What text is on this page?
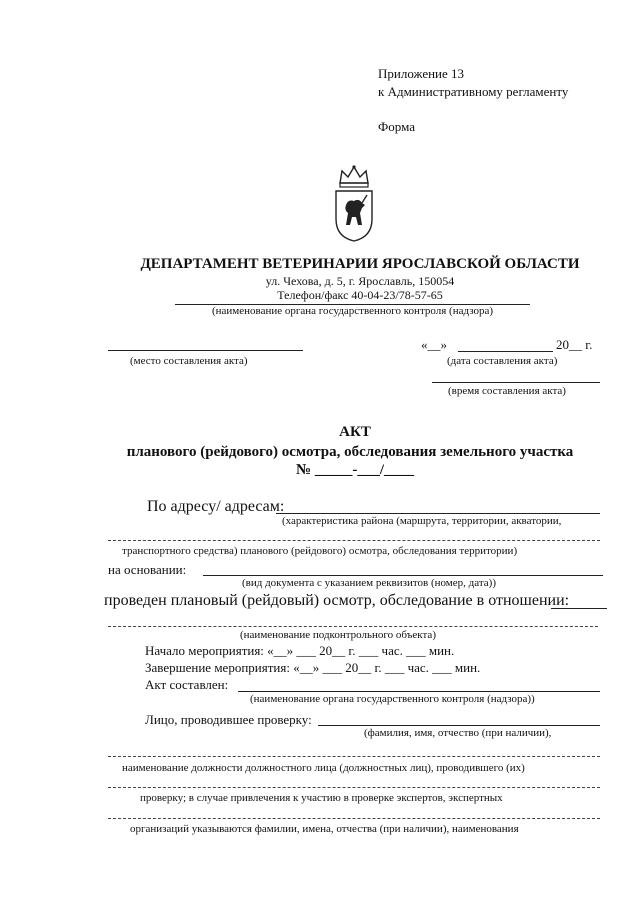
Приложение 13
к Административному регламенту
Форма
ДЕПАРТАМЕНТ ВЕТЕРИНАРИИ ЯРОСЛАВСКОЙ ОБЛАСТИ
ул. Чехова, д. 5, г. Ярославль, 150054
Телефон/факс 40-04-23/78-57-65
(наименование органа государственного контроля (надзора)
(место составления акта)
«__»	20__ г.
(дата составления акта)
(время составления акта)
АКТ
планового (рейдового) осмотра, обследования земельного участка
№ _____-___/____
По адресу/ адресам:
(характеристика района (маршрута, территории, акватории,
транспортного средства) планового (рейдового) осмотра, обследования территории)
на основании:
(вид документа с указанием реквизитов (номер, дата))
проведен плановый (рейдовый) осмотр, обследование в отношении:
(наименование подконтрольного объекта)
Начало мероприятия: «__» ___ 20__ г. ___ час. ___ мин.
Завершение мероприятия: «__» ___ 20__ г. ___ час. ___ мин.
Акт составлен:
(наименование органа государственного контроля (надзора))
Лицо, проводившее проверку:
(фамилия, имя, отчество (при наличии),
наименование должности должностного лица (должностных лиц), проводившего (их)
проверку; в случае привлечения к участию в проверке экспертов, экспертных
организаций указываются фамилии, имена, отчества (при наличии), наименования
